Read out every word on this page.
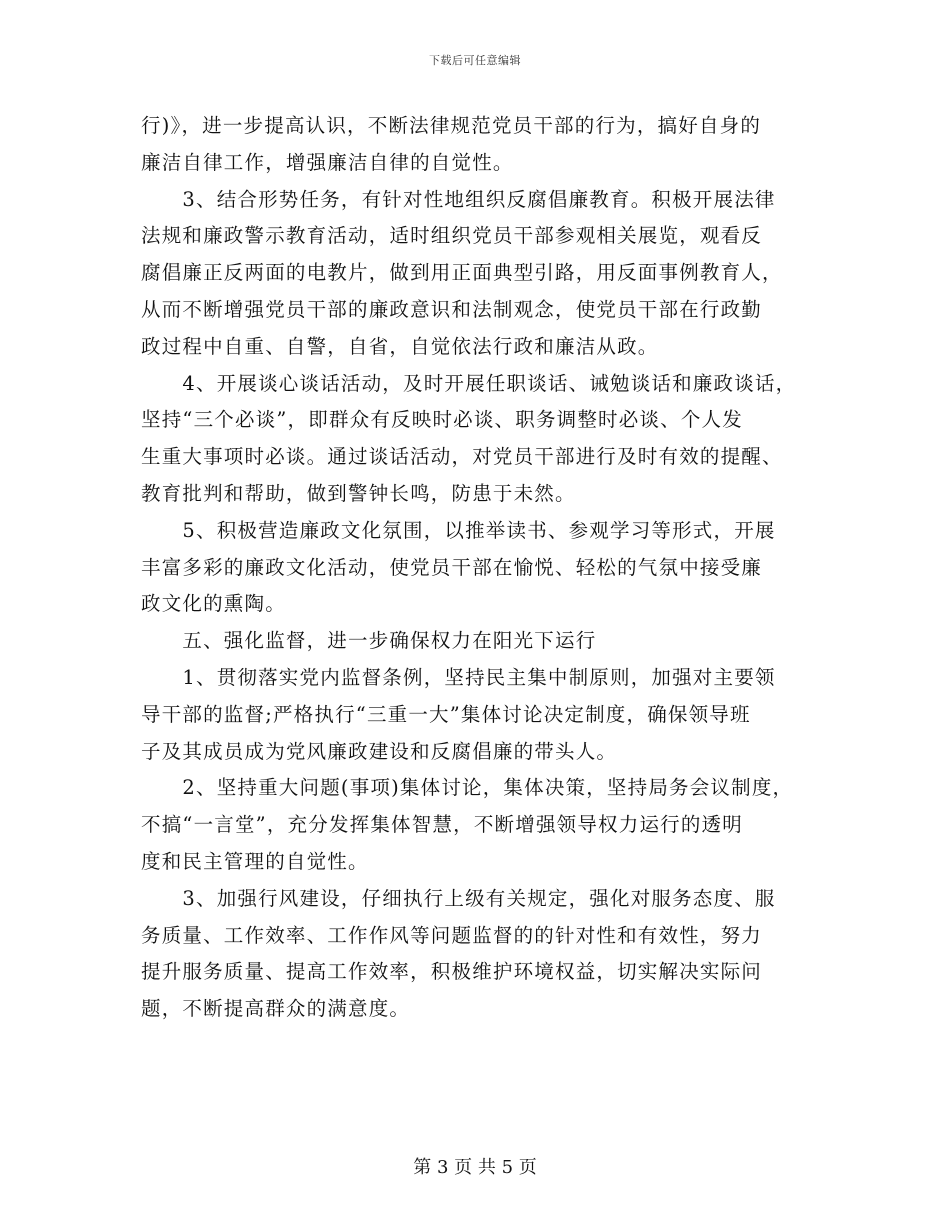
下载后可任意编辑
行)》，进一步提高认识，不断法律规范党员干部的行为，搞好自身的
廉洁自律工作，增强廉洁自律的自觉性。
　　3、结合形势任务，有针对性地组织反腐倡廉教育。积极开展法律
法规和廉政警示教育活动，适时组织党员干部参观相关展览，观看反
腐倡廉正反两面的电教片，做到用正面典型引路，用反面事例教育人，
从而不断增强党员干部的廉政意识和法制观念，使党员干部在行政勤
政过程中自重、自警，自省，自觉依法行政和廉洁从政。
　　4、开展谈心谈话活动，及时开展任职谈话、诫勉谈话和廉政谈话，
坚持“三个必谈”，即群众有反映时必谈、职务调整时必谈、个人发
生重大事项时必谈。通过谈话活动，对党员干部进行及时有效的提醒、
教育批判和帮助，做到警钟长鸣，防患于未然。
　　5、积极营造廉政文化氛围，以推举读书、参观学习等形式，开展
丰富多彩的廉政文化活动，使党员干部在愉悦、轻松的气氛中接受廉
政文化的熏陶。
　　五、强化监督，进一步确保权力在阳光下运行
　　1、贯彻落实党内监督条例，坚持民主集中制原则，加强对主要领
导干部的监督;严格执行“三重一大”集体讨论决定制度，确保领导班
子及其成员成为党风廉政建设和反腐倡廉的带头人。
　　2、坚持重大问题(事项)集体讨论，集体决策，坚持局务会议制度，
不搞“一言堂”，充分发挥集体智慧，不断增强领导权力运行的透明
度和民主管理的自觉性。
　　3、加强行风建设，仔细执行上级有关规定，强化对服务态度、服
务质量、工作效率、工作作风等问题监督的的针对性和有效性，努力
提升服务质量、提高工作效率，积极维护环境权益，切实解决实际问
题，不断提高群众的满意度。
第 3 页 共 5 页
